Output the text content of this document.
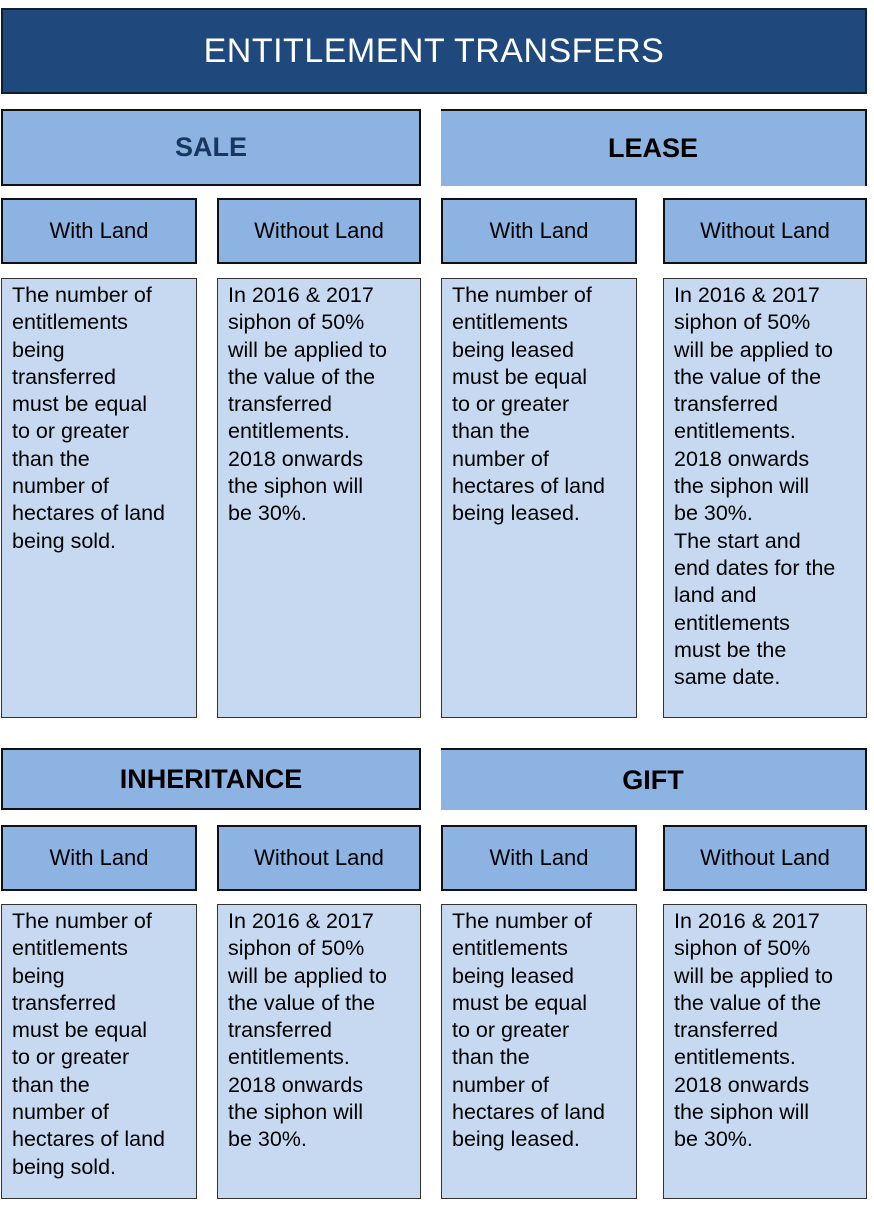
ENTITLEMENT TRANSFERS
SALE
With Land	Without Land
The number of
entitlements
being
transferred
must be equal
to or greater
than the
number of
hectares of land
being sold.
In 2016 & 2017
siphon of 50%
will be applied to
the value of the
transferred
entitlements.
2018 onwards
the siphon will
be 30%.
LEASE
With Land	Without Land
The number of
entitlements
being leased
must be equal
to or greater
than the
number of
hectares of land
being leased.
In 2016 & 2017
siphon of 50%
will be applied to
the value of the
transferred
entitlements.
2018 onwards
the siphon will
be 30%.
The start and
end dates for the
land and
entitlements
must be the
same date.
INHERITANCE
With Land	Without Land
The number of
entitlements
being
transferred
must be equal
to or greater
than the
number of
hectares of land
being sold.
In 2016 & 2017
siphon of 50%
will be applied to
the value of the
transferred
entitlements.
2018 onwards
the siphon will
be 30%.
GIFT
With Land	Without Land
The number of
entitlements
being leased
must be equal
to or greater
than the
number of
hectares of land
being leased.
In 2016 & 2017
siphon of 50%
will be applied to
the value of the
transferred
entitlements.
2018 onwards
the siphon will
be 30%.
